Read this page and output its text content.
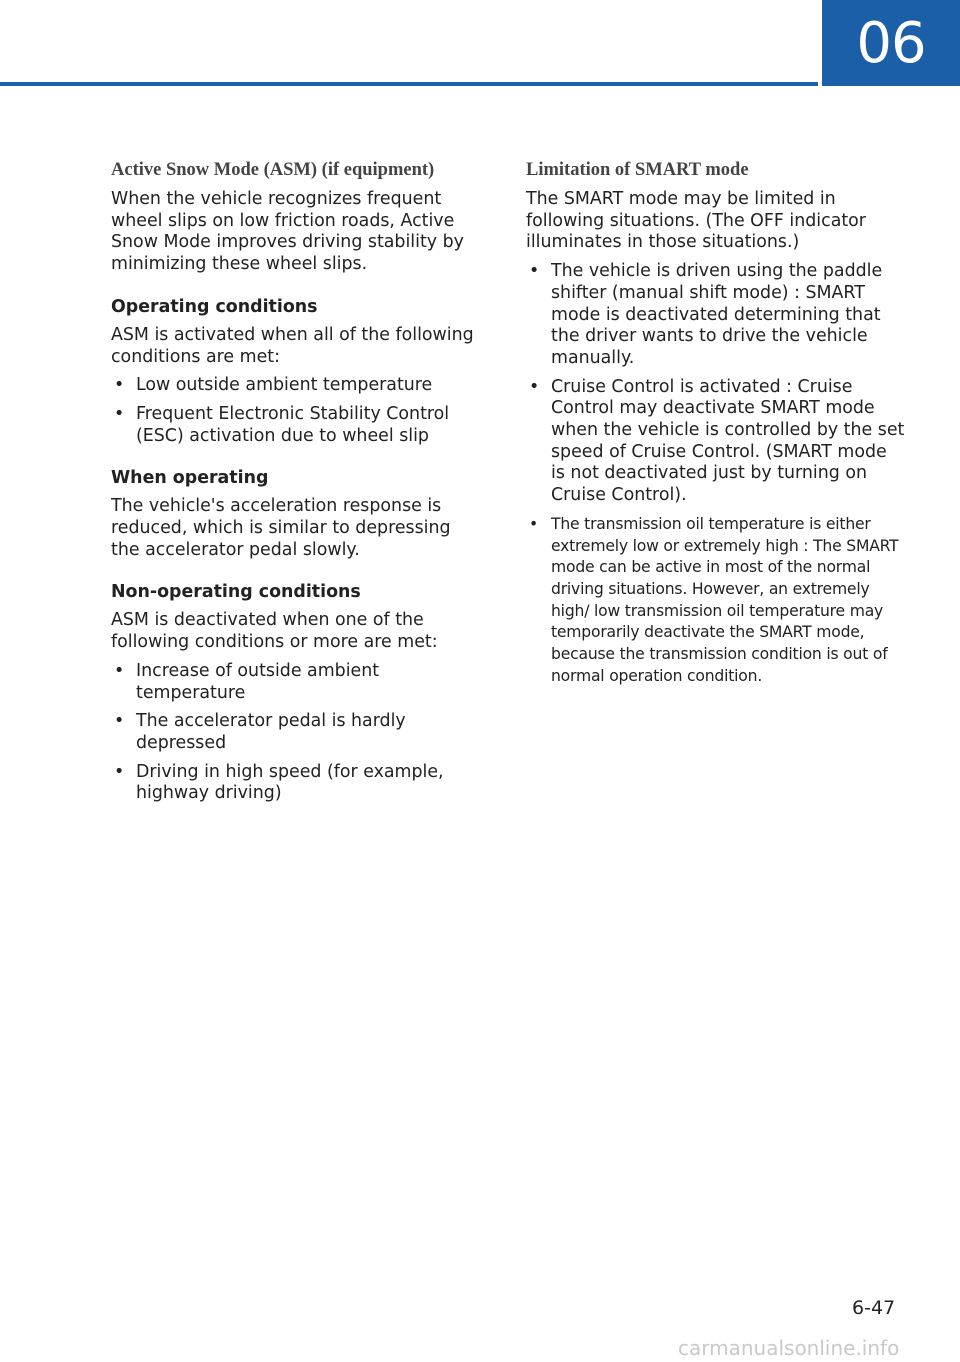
06
Active Snow Mode (ASM) (if equipment)

When the vehicle recognizes frequent wheel slips on low friction roads, Active Snow Mode improves driving stability by minimizing these wheel slips.

Operating conditions

ASM is activated when all of the following conditions are met:

• Low outside ambient temperature
• Frequent Electronic Stability Control (ESC) activation due to wheel slip
When operating

The vehicle's acceleration response is reduced, which is similar to depressing the accelerator pedal slowly.

Non-operating conditions

ASM is deactivated when one of the following conditions or more are met:

• Increase of outside ambient temperature
• The accelerator pedal is hardly depressed
• Driving in high speed (for example, highway driving)
Limitation of SMART mode

The SMART mode may be limited in following situations. (The OFF indicator illuminates in those situations.)

• The vehicle is driven using the paddle shifter (manual shift mode) : SMART mode is deactivated determining that the driver wants to drive the vehicle manually.
• Cruise Control is activated : Cruise Control may deactivate SMART mode when the vehicle is controlled by the set speed of Cruise Control. (SMART mode is not deactivated just by turning on Cruise Control).
• The transmission oil temperature is either extremely low or extremely high : The SMART mode can be active in most of the normal driving situations. However, an extremely high/ low transmission oil temperature may temporarily deactivate the SMART mode, because the transmission condition is out of normal operation condition.
6-47
carmanualsonline.info
